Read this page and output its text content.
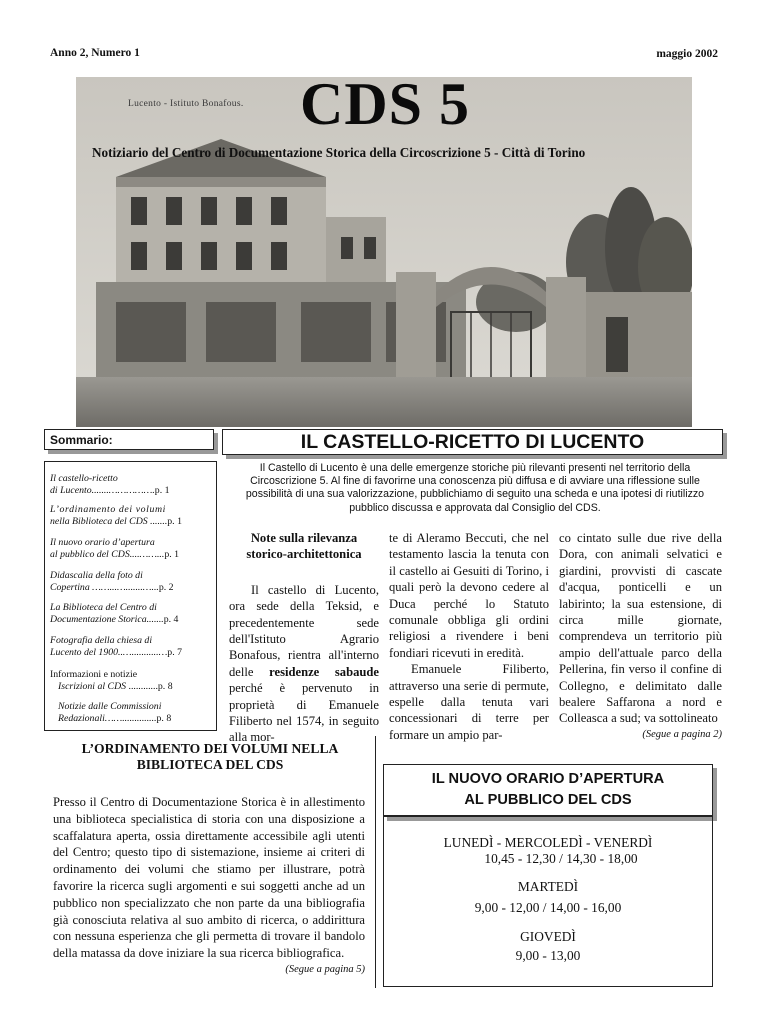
Anno 2, Numero 1	maggio 2002
Lucento - Istituto Bonafous. CDS 5
Notiziario del Centro di Documentazione Storica della Circoscrizione 5 - Città di Torino
Sommario:
Il castello-ricetto
di Lucento.......…………….p. 1
L’ordinamento dei volumi
nella Biblioteca del CDS .......p. 1
Il nuovo orario d’apertura
al pubblico del CDS....……...p. 1
Didascalia della foto di
Copertina ……...….......…...p. 2
La Biblioteca del Centro di
Documentazione Storica.......p. 4
Fotografia della chiesa di
Lucento del 1900..…...........…p. 7
Informazioni e notizie
Iscrizioni al CDS ............p. 8
Notizie dalle Commissioni
Redazionali……..............p. 8
IL CASTELLO-RICETTO DI LUCENTO
Il Castello di Lucento è una delle emergenze storiche più rilevanti presenti nel territorio della Circoscrizione 5. Al fine di favorirne una conoscenza più diffusa e di avviare una riflessione sulle possibilità di una sua valorizzazione, pubblichiamo di seguito una scheda e una ipotesi di riutilizzo pubblico discussa e approvata dal Consiglio del CDS.
Note sulla rilevanza
storico-architettonica
Il castello di Lucento, ora sede della Teksid, e precedentemente sede dell'Istituto Agrario Bonafous, rientra all'interno delle residenze sabaude perché è pervenuto in proprietà di Emanuele Filiberto nel 1574, in seguito alla mor-
te di Aleramo Beccuti, che nel testamento lascia la tenuta con il castello ai Gesuiti di Torino, i quali però la devono cedere al Duca perché lo Statuto comunale obbliga gli ordini religiosi a rivendere i beni fondiari ricevuti in eredità.
Emanuele Filiberto, attraverso una serie di permute, espelle dalla tenuta vari concessionari di terre per formare un ampio par-
co cintato sulle due rive della Dora, con animali selvatici e giardini, provvisti di cascate d'acqua, ponticelli e un labirinto; la sua estensione, di circa mille giornate, comprendeva un territorio più ampio dell'attuale parco della Pellerina, fin verso il confine di Collegno, e delimitato dalle bealere Saffarona a nord e Colleasca a sud; va sottolineato
(Segue a pagina 2)
L’ORDINAMENTO DEI VOLUMI NELLA BIBLIOTECA DEL CDS
Presso il Centro di Documentazione Storica è in allestimento una biblioteca specialistica di storia con una disposizione a scaffalatura aperta, ossia direttamente accessibile agli utenti del Centro; questo tipo di sistemazione, insieme ai criteri di ordinamento dei volumi che stiamo per illustrare, potrà favorire la ricerca sugli argomenti e sui soggetti anche ad un pubblico non specializzato che non parte da una bibliografia già conosciuta relativa al suo ambito di ricerca, o addirittura con nessuna esperienza che gli permetta di trovare il bandolo della matassa da dove iniziare la sua ricerca bibliografica.
(Segue a pagina 5)
IL NUOVO ORARIO D’APERTURA
AL PUBBLICO DEL CDS
LUNEDÌ - MERCOLEDÌ - VENERDÌ
10,45 - 12,30 / 14,30 - 18,00
MARTEDÌ
9,00 - 12,00 / 14,00 - 16,00
GIOVEDÌ
9,00 - 13,00
